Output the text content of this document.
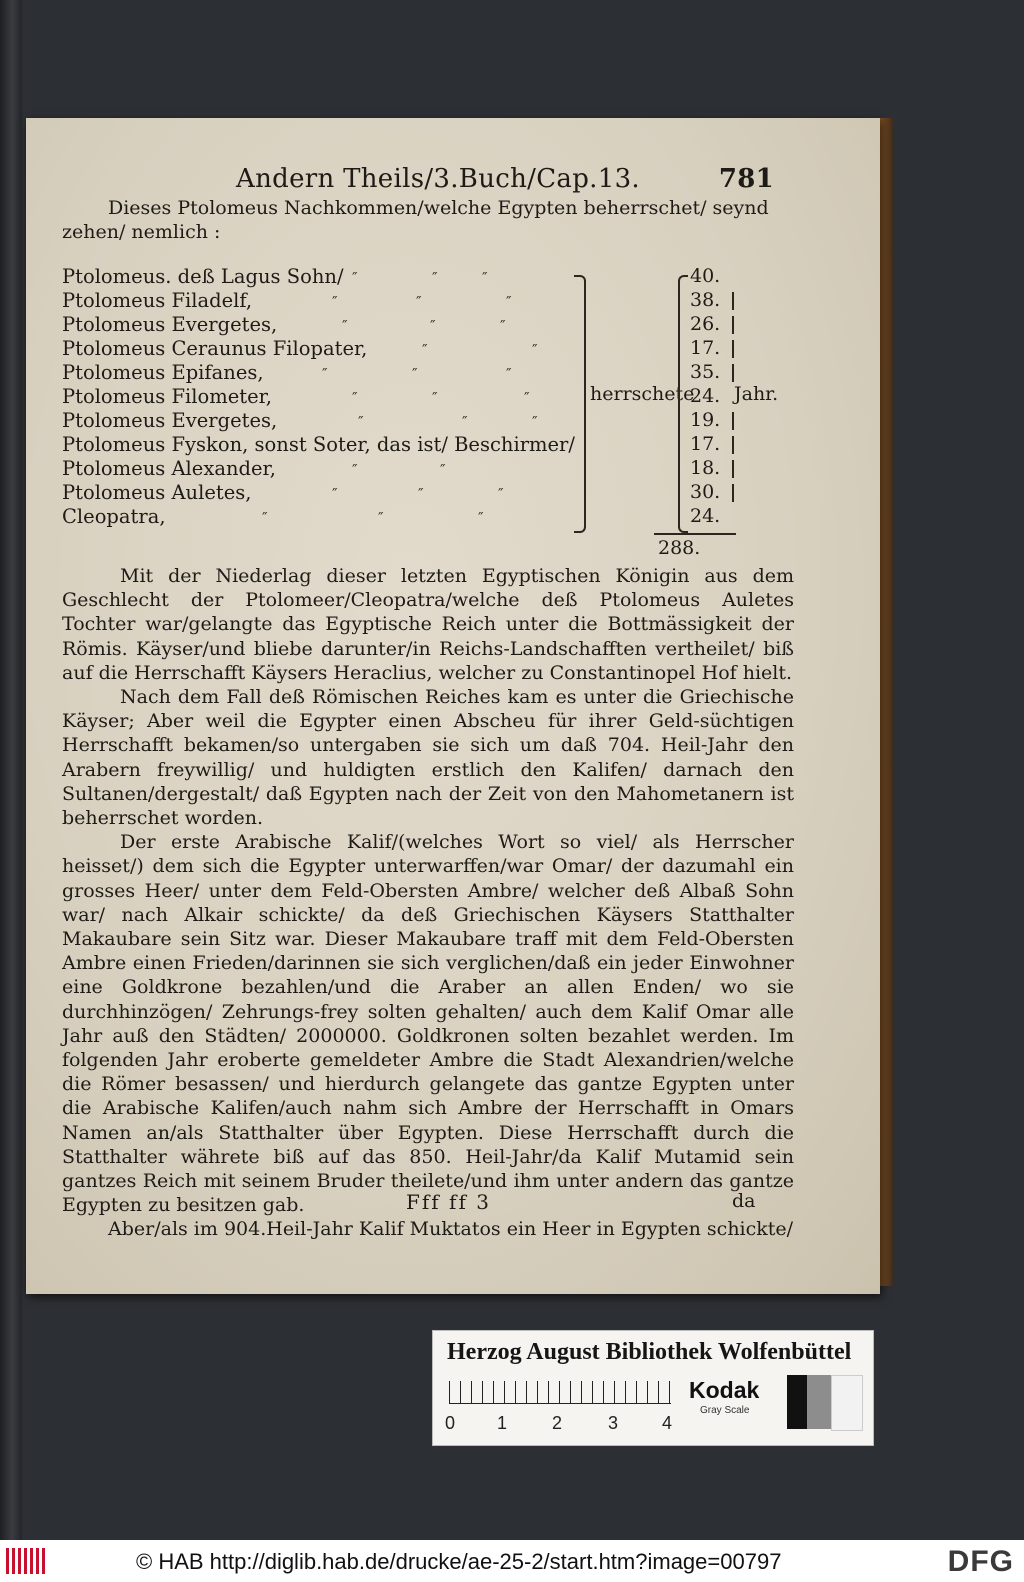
Andern Theils/3.Buch/Cap.13.	781
Dieses Ptolomeus Nachkommen/welche Egypten beherrschet/ seynd zehen/ nemlich :
herrschete Jahr.
288.
Ptolomeus. deß Lagus Sohn/ ″	″	″	40.
Ptolomeus Filadelf,	″	″	″	38.
Ptolomeus Evergetes,	″	″	″	26.
Ptolomeus Ceraunus Filopater,	″	″	17.
Ptolomeus Epifanes,	″	″	″	35.
Ptolomeus Filometer,	″	″	″	24.
Ptolomeus Evergetes,	″	″	″	19.
Ptolomeus Fyskon, sonst Soter, das ist/ Beschirmer/	17.
Ptolomeus Alexander,	″	″	18.
Ptolomeus Auletes,	″	″	″	30.
Cleopatra,	″	″	″	24.

Mit der Niederlag dieser letzten Egyptischen Königin aus dem Geschlecht der Ptolomeer/Cleopatra/welche deß Ptolomeus Auletes Tochter war/gelangte das Egyptische Reich unter die Bottmässigkeit der Römis. Käyser/und bliebe darunter/in Reichs-Landschafften vertheilet/ biß auf die Herrschafft Käysers Heraclius, welcher zu Constantinopel Hof hielt.

Nach dem Fall deß Römischen Reiches kam es unter die Griechische Käyser; Aber weil die Egypter einen Abscheu für ihrer Geld-süchtigen Herrschafft bekamen/so untergaben sie sich um daß 704. Heil-Jahr den Arabern freywillig/ und huldigten erstlich den Kalifen/ darnach den Sultanen/dergestalt/ daß Egypten nach der Zeit von den Mahometanern ist beherrschet worden.

Der erste Arabische Kalif/(welches Wort so viel/ als Herrscher heisset/) dem sich die Egypter unterwarffen/war Omar/ der dazumahl ein grosses Heer/ unter dem Feld-Obersten Ambre/ welcher deß Albaß Sohn war/ nach Alkair schickte/ da deß Griechischen Käysers Statthalter Makaubare sein Sitz war. Dieser Makaubare traff mit dem Feld-Obersten Ambre einen Frieden/darinnen sie sich verglichen/daß ein jeder Einwohner eine Goldkrone bezahlen/und die Araber an allen Enden/ wo sie durchhinzögen/ Zehrungs-frey solten gehalten/ auch dem Kalif Omar alle Jahr auß den Städten/ 2000000. Goldkronen solten bezahlet werden. Im folgenden Jahr eroberte gemeldeter Ambre die Stadt Alexandrien/welche die Römer besassen/ und hierdurch gelangete das gantze Egypten unter die Arabische Kalifen/auch nahm sich Ambre der Herrschafft in Omars Namen an/als Statthalter über Egypten. Diese Herrschafft durch die Statthalter währete biß auf das 850. Heil-Jahr/da Kalif Mutamid sein gantzes Reich mit seinem Bruder theilete/und ihm unter andern das gantze Egypten zu besitzen gab.

Aber/als im 904.Heil-Jahr Kalif Muktatos ein Heer in Egypten schickte/

Fff ff 3	da
Herzog August Bibliothek Wolfenbüttel
0 1 2	3 4
Kodak
Gray Scale
© HAB http://diglib.hab.de/drucke/ae-25-2/start.htm?image=00797	DFG
